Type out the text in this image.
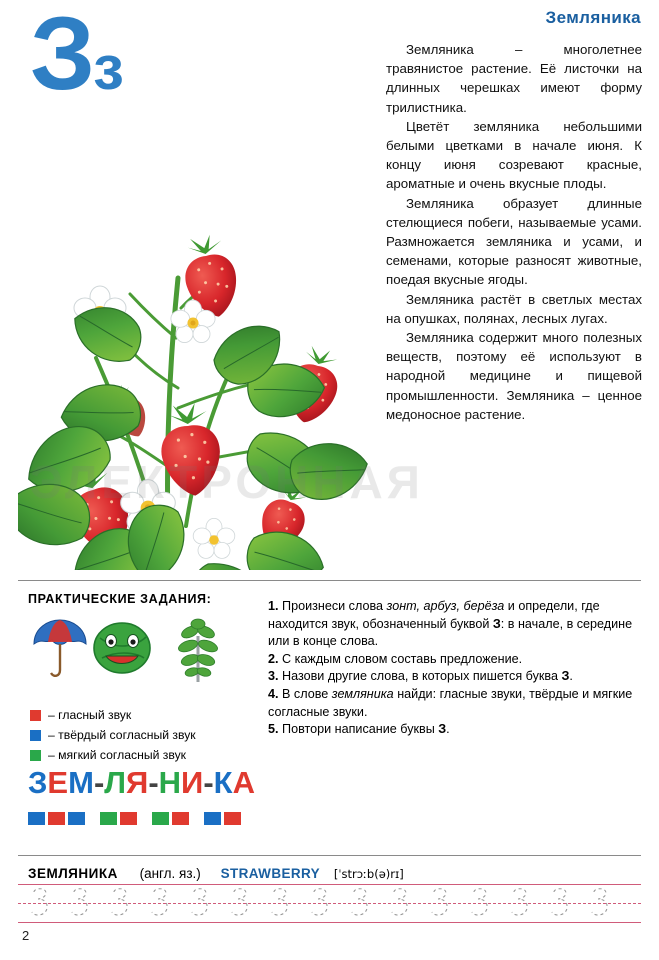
Зз
Земляника
ЭЛЕКТРОННАЯ

Земляника – многолетнее травянистое растение. Её листочки на длинных черешках имеют форму трилистника.

Цветёт земляника небольшими белыми цветками в начале июня. К концу июня созревают красные, ароматные и очень вкусные плоды.

Земляника образует длинные стелющиеся побеги, называемые усами. Размножается земляника и усами, и семенами, которые разносят животные, поедая вкусные ягоды.

Земляника растёт в светлых местах на опушках, полянах, лесных лугах.

Земляника содержит много полезных веществ, поэтому её используют в народной медицине и пищевой промышленности. Земляника – ценное медоносное растение.

ПРАКТИЧЕСКИЕ ЗАДАНИЯ:
– гласный звук
– твёрдый согласный звук
– мягкий согласный звук
1. Произнеси слова зонт, арбуз, берёза и определи, где находится звук, обозначенный буквой З: в начале, в середине или в конце слова.
2. С каждым словом составь предложение.
3. Назови другие слова, в которых пишется буква З.
4. В слове земляника найди: гласные звуки, твёрдые и мягкие согласные звуки.
5. Повтори написание буквы З.
ЗЕМ-ЛЯ-НИ-КА
ЗЕМЛЯНИКА (англ. яз.) STRAWBERRY [ˈstrɔːb(ə)rɪ]
2
